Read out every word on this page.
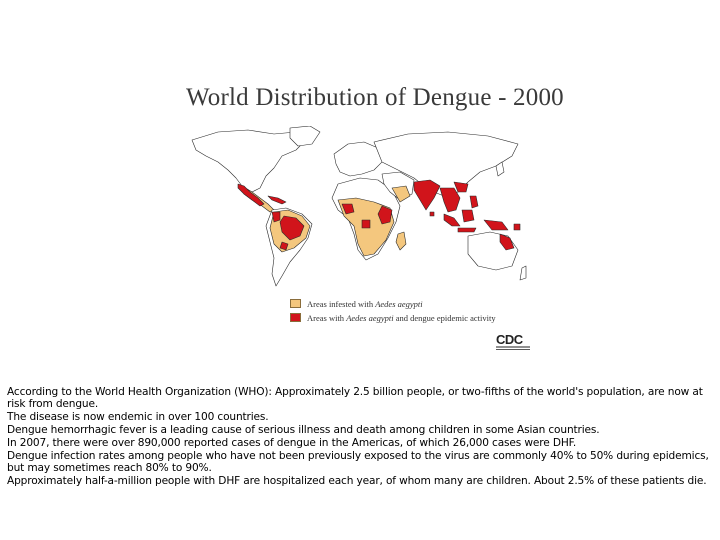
World Distribution of Dengue - 2000
Areas infested with Aedes aegypti
Areas with Aedes aegypti and dengue epidemic activity
CDC

According to the World Health Organization (WHO): Approximately 2.5 billion people, or two-fifths of the world's population, are now at risk from dengue.

The disease is now endemic in over 100 countries.

Dengue hemorrhagic fever is a leading cause of serious illness and death among children in some Asian countries.

In 2007, there were over 890,000 reported cases of dengue in the Americas, of which 26,000 cases were DHF.

Dengue infection rates among people who have not been previously exposed to the virus are commonly 40% to 50% during epidemics, but may sometimes reach 80% to 90%.

Approximately half-a-million people with DHF are hospitalized each year, of whom many are children. About 2.5% of these patients die.
